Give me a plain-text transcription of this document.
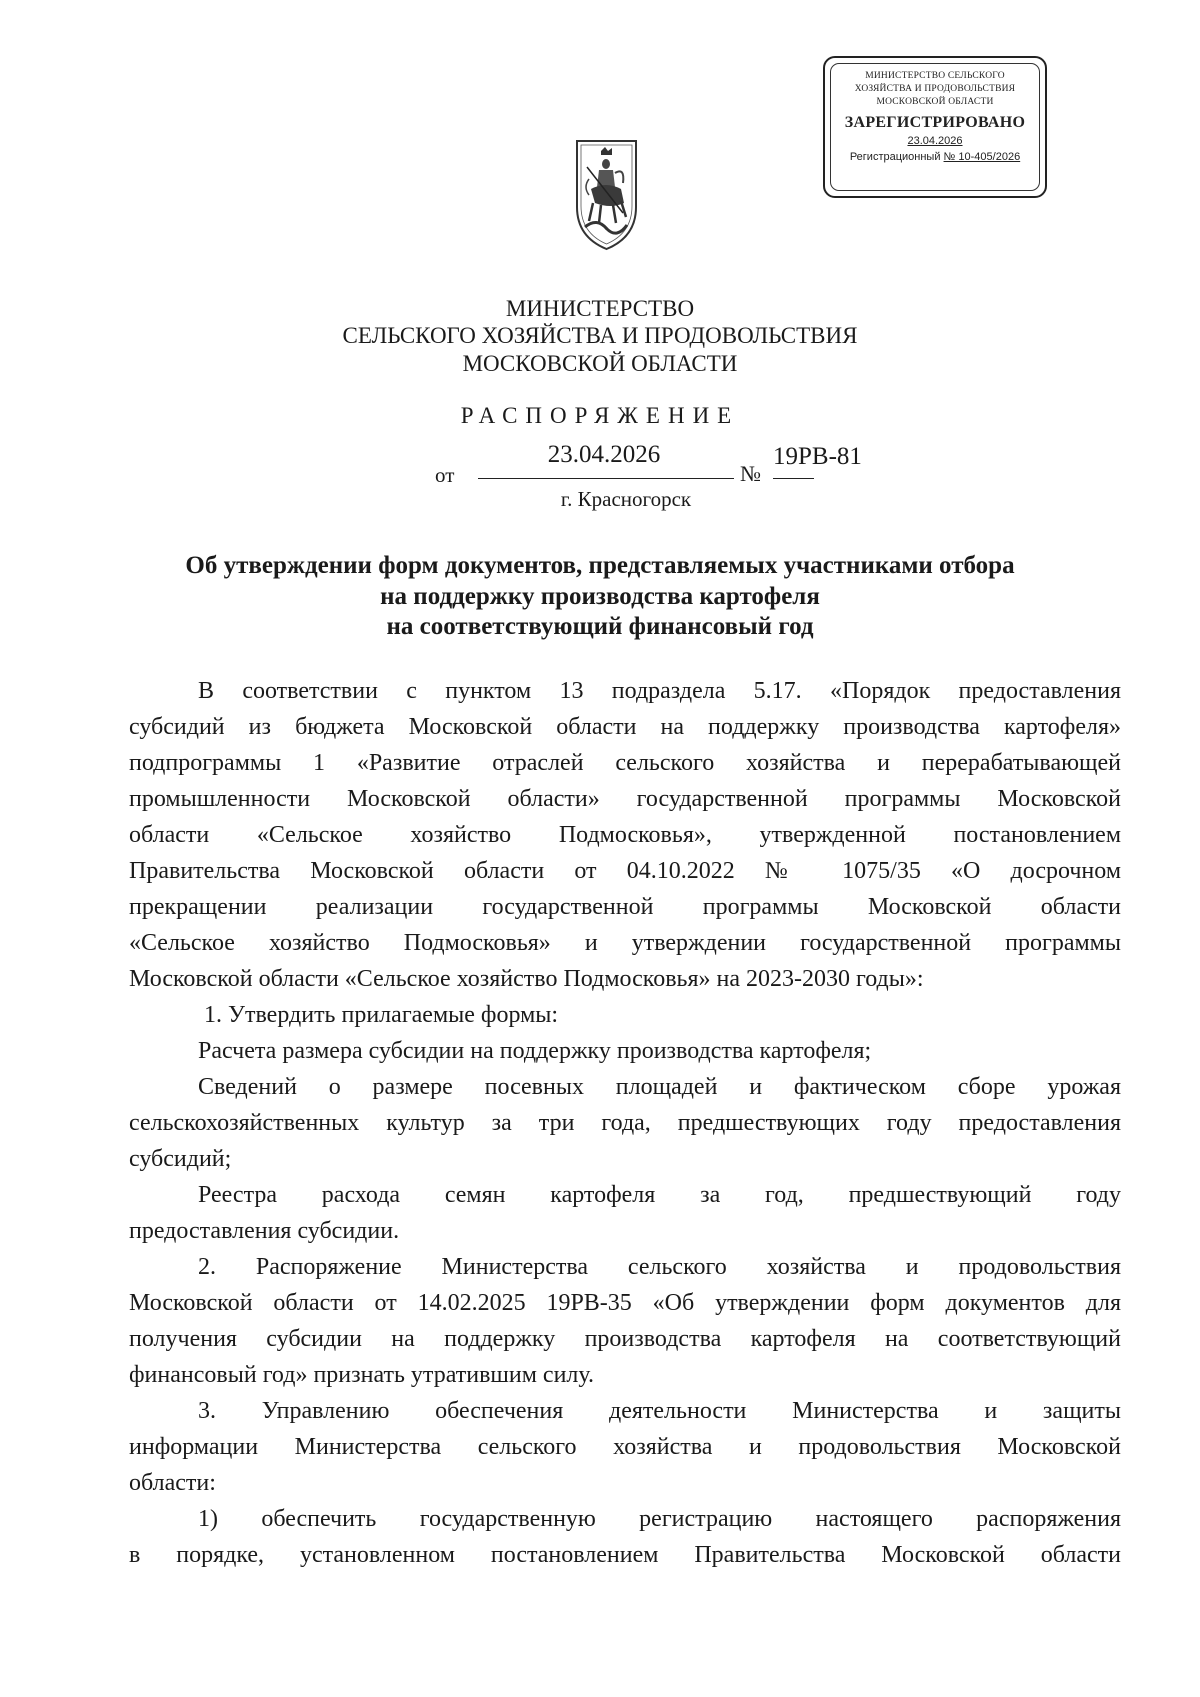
МИНИСТЕРСТВО СЕЛЬСКОГО
ХОЗЯЙСТВА И ПРОДОВОЛЬСТВИЯ
МОСКОВСКОЙ ОБЛАСТИ
ЗАРЕГИСТРИРОВАНО
23.04.2026
Регистрационный № 10-405/2026
МИНИСТЕРСТВО
СЕЛЬСКОГО ХОЗЯЙСТВА И ПРОДОВОЛЬСТВИЯ
МОСКОВСКОЙ ОБЛАСТИ
РАСПОРЯЖЕНИЕ
от
23.04.2026
№
19РВ-81
г. Красногорск
Об утверждении форм документов, представляемых участниками отбора
на поддержку производства картофеля
на соответствующий финансовый год
В соответствии с пунктом 13 подраздела 5.17. «Порядок предоставления
субсидий из бюджета Московской области на поддержку производства картофеля»
подпрограммы 1 «Развитие отраслей сельского хозяйства и перерабатывающей
промышленности Московской области» государственной программы Московской
области «Сельское хозяйство Подмосковья», утвержденной постановлением
Правительства Московской области от 04.10.2022 № 1075/35 «О досрочном
прекращении реализации государственной программы Московской области
«Сельское хозяйство Подмосковья» и утверждении государственной программы
Московской области «Сельское хозяйство Подмосковья» на 2023-2030 годы»:
1. Утвердить прилагаемые формы:
Расчета размера субсидии на поддержку производства картофеля;
Сведений о размере посевных площадей и фактическом сборе урожая
сельскохозяйственных культур за три года, предшествующих году предоставления
субсидий;
Реестра расхода семян картофеля за год, предшествующий году
предоставления субсидии.
2. Распоряжение Министерства сельского хозяйства и продовольствия
Московской области от 14.02.2025 19РВ-35 «Об утверждении форм документов для
получения субсидии на поддержку производства картофеля на соответствующий
финансовый год» признать утратившим силу.
3. Управлению обеспечения деятельности Министерства и защиты
информации Министерства сельского хозяйства и продовольствия Московской
области:
1) обеспечить государственную регистрацию настоящего распоряжения
в порядке, установленном постановлением Правительства Московской области
